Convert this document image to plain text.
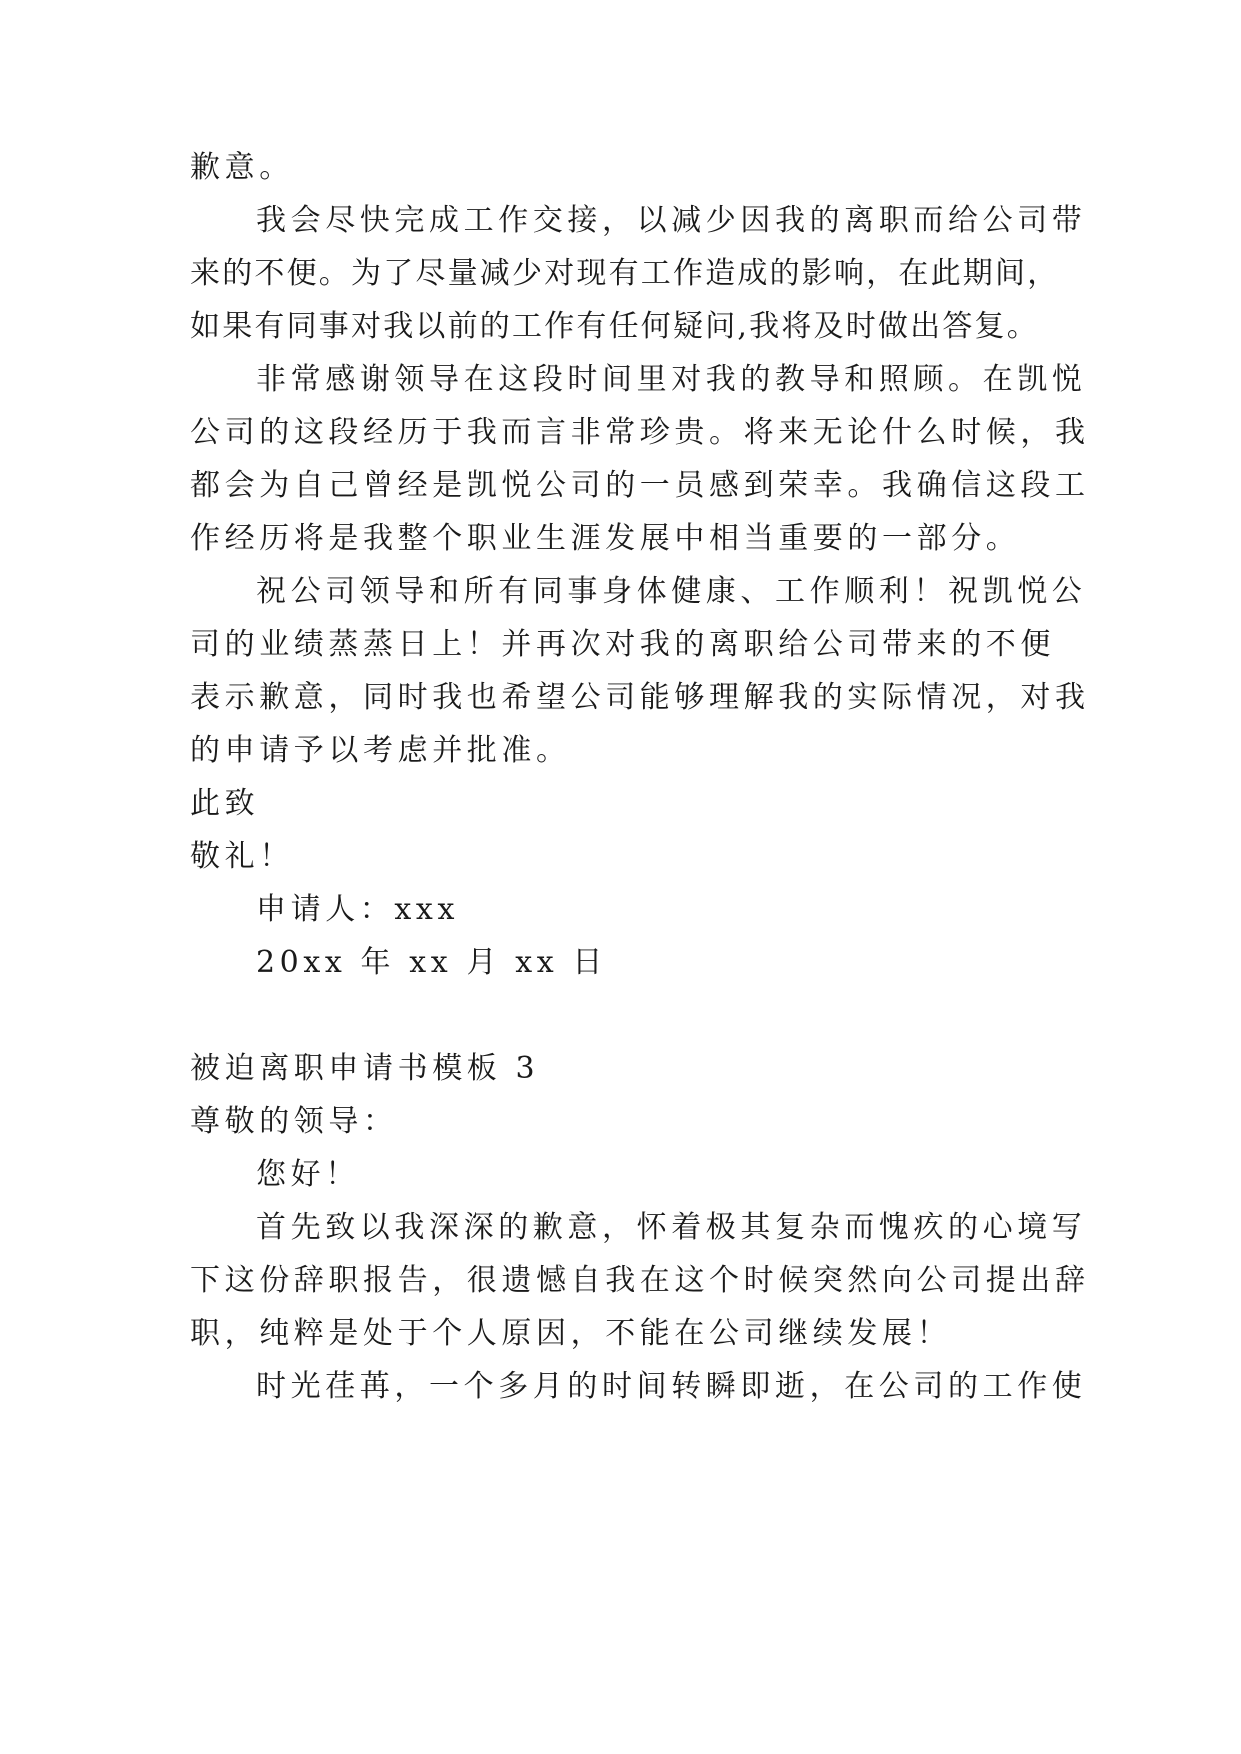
歉意。
我会尽快完成工作交接，以减少因我的离职而给公司带
来的不便。为了尽量减少对现有工作造成的影响，在此期间，
如果有同事对我以前的工作有任何疑问,我将及时做出答复。
非常感谢领导在这段时间里对我的教导和照顾。在凯悦
公司的这段经历于我而言非常珍贵。将来无论什么时候，我
都会为自己曾经是凯悦公司的一员感到荣幸。我确信这段工
作经历将是我整个职业生涯发展中相当重要的一部分。
祝公司领导和所有同事身体健康、工作顺利！祝凯悦公
司的业绩蒸蒸日上！并再次对我的离职给公司带来的不便
表示歉意，同时我也希望公司能够理解我的实际情况，对我
的申请予以考虑并批准。
此致
敬礼！
申请人：xxx
20xx 年 xx 月 xx 日
被迫离职申请书模板 3
尊敬的领导：
您好！
首先致以我深深的歉意，怀着极其复杂而愧疚的心境写
下这份辞职报告，很遗憾自我在这个时候突然向公司提出辞
职，纯粹是处于个人原因，不能在公司继续发展！
时光荏苒，一个多月的时间转瞬即逝，在公司的工作使
